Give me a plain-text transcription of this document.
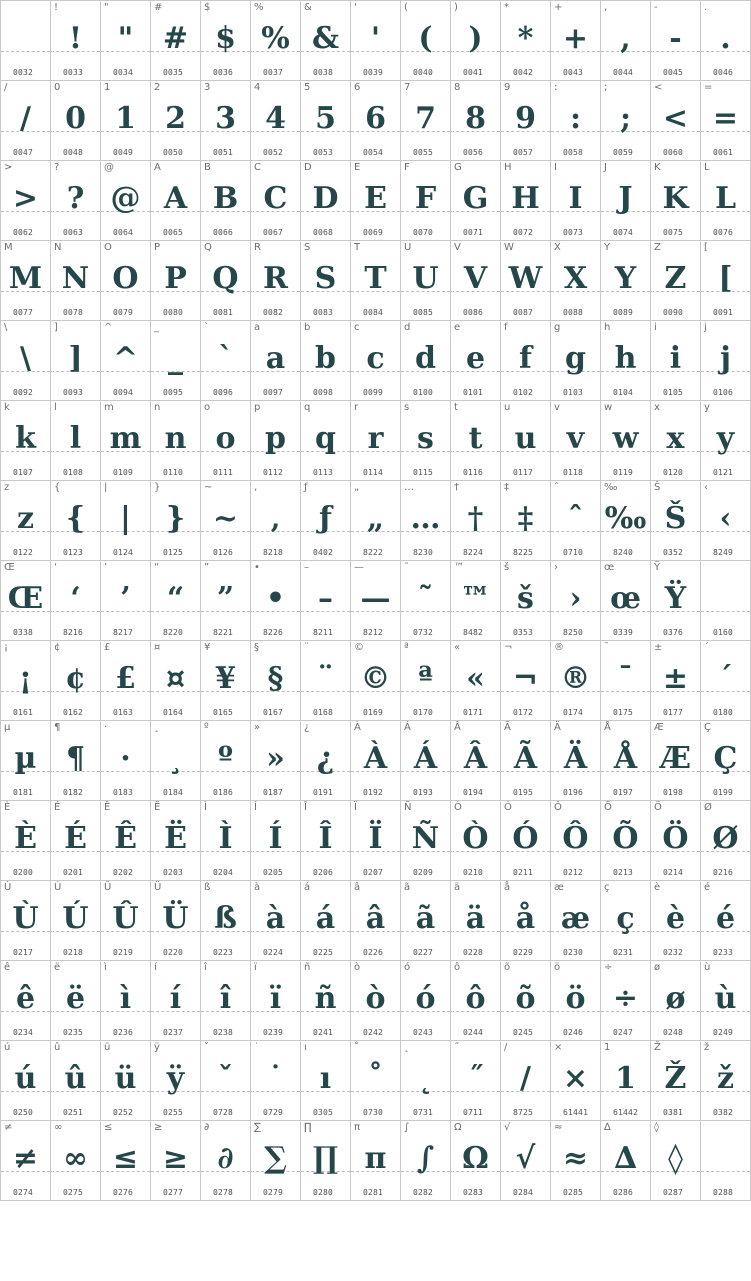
0032
!
!
0033
"
"
0034
#
#
0035
$
$
0036
%
%
0037
&
&
0038
'
'
0039
(
(
0040
)
)
0041
*
*
0042
+
+
0043
,
,
0044
-
-
0045
.
.
0046
/
/
0047
0
0
0048
1
1
0049
2
2
0050
3
3
0051
4
4
0052
5
5
0053
6
6
0054
7
7
0055
8
8
0056
9
9
0057
:
:
0058
;
;
0059
<
<
0060
=
=
0061
>
>
0062
?
?
0063
@
@
0064
A
A
0065
B
B
0066
C
C
0067
D
D
0068
E
E
0069
F
F
0070
G
G
0071
H
H
0072
I
I
0073
J
J
0074
K
K
0075
L
L
0076
M
M
0077
N
N
0078
O
O
0079
P
P
0080
Q
Q
0081
R
R
0082
S
S
0083
T
T
0084
U
U
0085
V
V
0086
W
W
0087
X
X
0088
Y
Y
0089
Z
Z
0090
[
[
0091
\
\
0092
]
]
0093
^
^
0094
_
_
0095
`
`
0096
a
a
0097
b
b
0098
c
c
0099
d
d
0100
e
e
0101
f
f
0102
g
g
0103
h
h
0104
i
i
0105
j
j
0106
k
k
0107
l
l
0108
m
m
0109
n
n
0110
o
o
0111
p
p
0112
q
q
0113
r
r
0114
s
s
0115
t
t
0116
u
u
0117
v
v
0118
w
w
0119
x
x
0120
y
y
0121
z
z
0122
{
{
0123
|
|
0124
}
}
0125
~
~
0126
‚
‚
8218
ƒ
ƒ
0402
„
„
8222
…
…
8230
†
†
8224
‡
‡
8225
ˆ
ˆ
0710
‰
‰
8240
Š
Š
0352
‹
‹
8249
Œ
Œ
0338
‘
‘
8216
’
’
8217
“
“
8220
”
”
8221
•
•
8226
–
–
8211
—
—
8212
˜
˜
0732
™
™
8482
š
š
0353
›
›
8250
œ
œ
0339
Ÿ
Ÿ
0376	0160
¡
¡
0161
¢
¢
0162
£
£
0163
¤
¤
0164
¥
¥
0165
§
§
0167
¨
¨
0168
©
©
0169
ª
ª
0170
«
«
0171
¬
¬
0172
®
®
0174
¯
¯
0175
±
±
0177
´
´
0180
µ
µ
0181
¶
¶
0182
·
·
0183
¸
¸
0184
º
º
0186
»
»
0187
¿
¿
0191
À
À
0192
Á
Á
0193
Â
Â
0194
Ã
Ã
0195
Ä
Ä
0196
Å
Å
0197
Æ
Æ
0198
Ç
Ç
0199
È
È
0200
É
É
0201
Ê
Ê
0202
Ë
Ë
0203
Ì
Ì
0204
Í
Í
0205
Î
Î
0206
Ï
Ï
0207
Ñ
Ñ
0209
Ò
Ò
0210
Ó
Ó
0211
Ô
Ô
0212
Õ
Õ
0213
Ö
Ö
0214
Ø
Ø
0216
Ù
Ù
0217
Ú
Ú
0218
Û
Û
0219
Ü
Ü
0220
ß
ß
0223
à
à
0224
á
á
0225
â
â
0226
ã
ã
0227
ä
ä
0228
å
å
0229
æ
æ
0230
ç
ç
0231
è
è
0232
é
é
0233
ê
ê
0234
ë
ë
0235
ì
ì
0236
í
í
0237
î
î
0238
ï
ï
0239
ñ
ñ
0241
ò
ò
0242
ó
ó
0243
ô
ô
0244
õ
õ
0245
ö
ö
0246
÷
÷
0247
ø
ø
0248
ù
ù
0249
ú
ú
0250
û
û
0251
ü
ü
0252
ÿ
ÿ
0255
ˇ
ˇ
0728
˙
˙
0729
ı
ı
0305
˚
˚
0730
˛
˛
0731
˝
˝
0711
∕
∕
8725
×
×
61441
1
1
61442
Ž
Ž
0381
ž
ž
0382
≠
≠
0274
∞
∞
0275
≤
≤
0276
≥
≥
0277
∂
∂
0278
∑
∑
0279
∏
∏
0280
π
π
0281
∫
∫
0282
Ω
Ω
0283
√
√
0284
≈
≈
0285
∆
∆
0286
◊
◊
0287	0288
